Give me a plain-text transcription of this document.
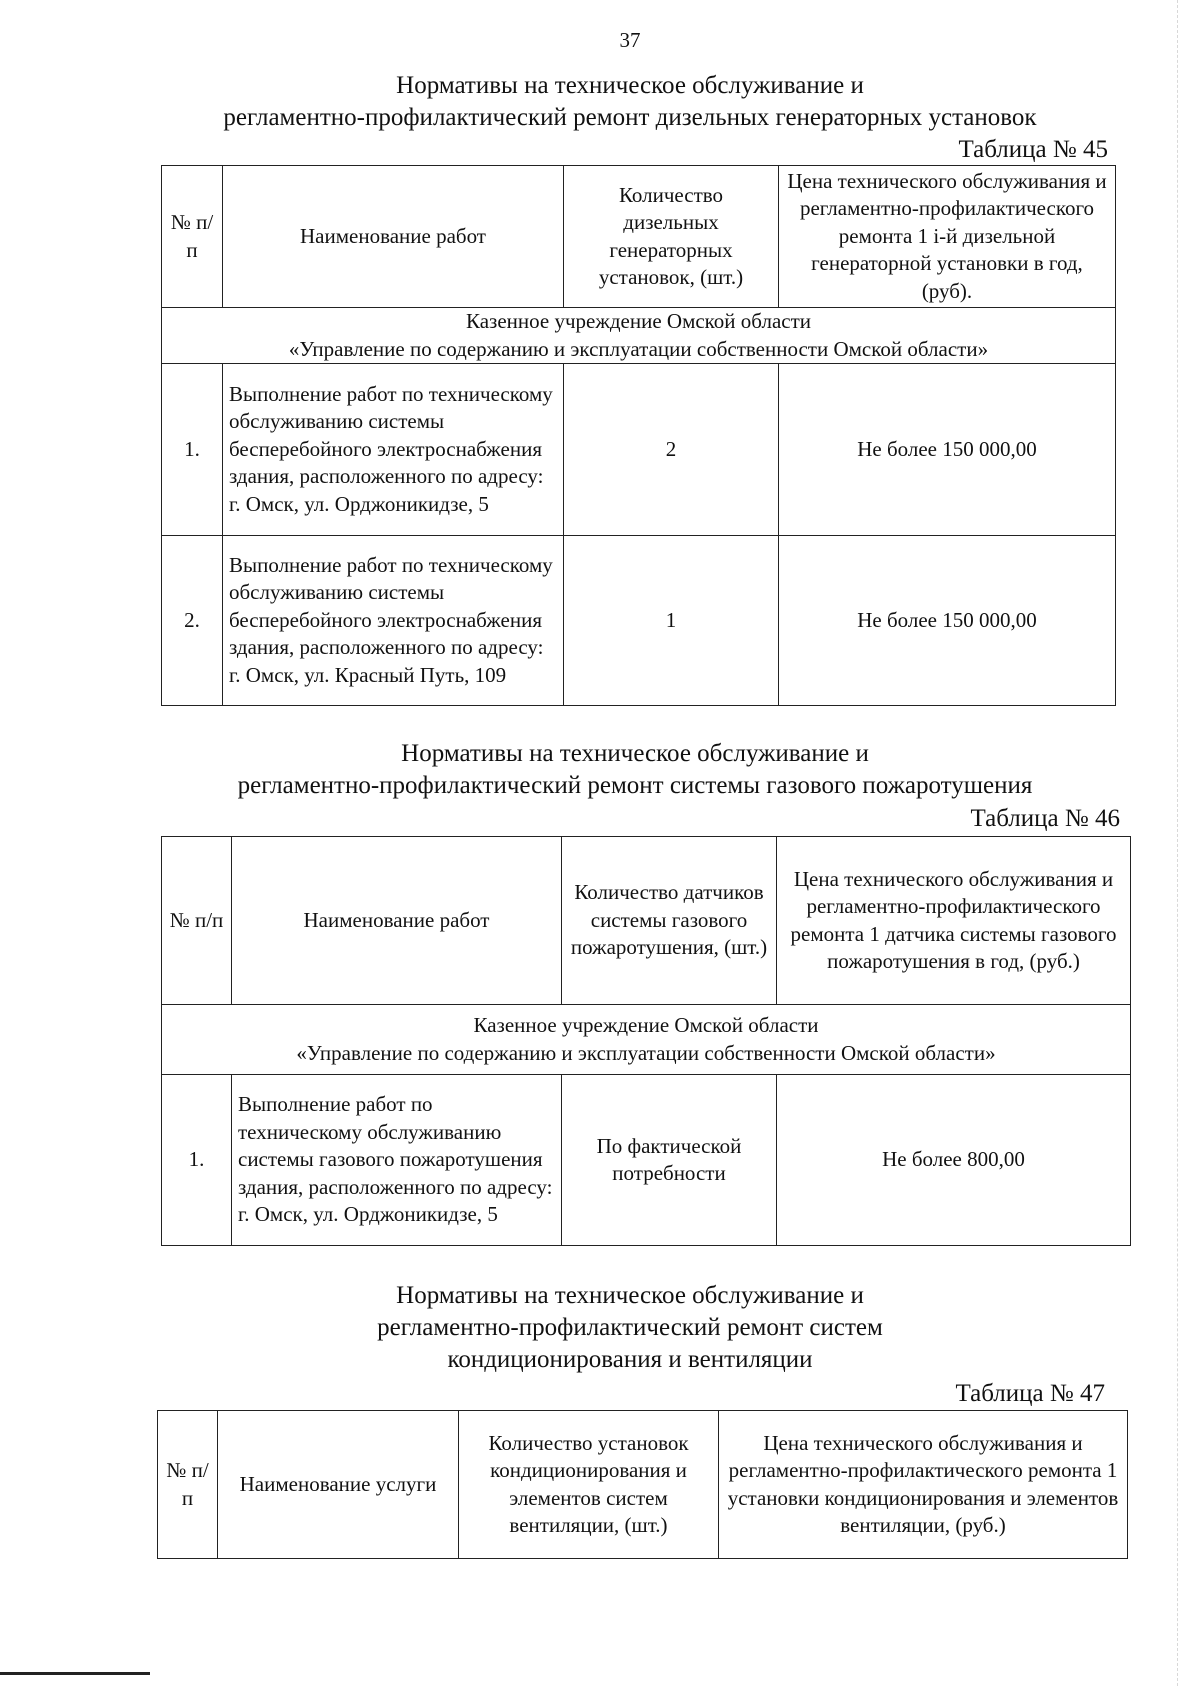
37
Нормативы на техническое обслуживание и
регламентно-профилактический ремонт дизельных генераторных установок
Таблица № 45
№ п/п	Наименование работ	Количество дизельных генераторных установок, (шт.)	Цена технического обслуживания и регламентно-профилактического ремонта 1 i-й дизельной генераторной установки в год, (руб).

Казенное учреждение Омской области
«Управление по содержанию и эксплуатации собственности Омской области»			

1.	Выполнение работ по техническому обслуживанию системы бесперебойного электроснабжения здания, расположенного по адресу: г. Омск, ул. Орджоникидзе, 5	2	Не более 150 000,00
2.	Выполнение работ по техническому обслуживанию системы бесперебойного электроснабжения здания, расположенного по адресу: г. Омск, ул. Красный Путь, 109	1	Не более 150 000,00
Нормативы на техническое обслуживание и
регламентно-профилактический ремонт системы газового пожаротушения
Таблица № 46
№ п/п	Наименование работ	Количество датчиков системы газового пожаротушения, (шт.)	Цена технического обслуживания и регламентно-профилактического ремонта 1 датчика системы газового пожаротушения в год, (руб.)

Казенное учреждение Омской области
«Управление по содержанию и эксплуатации собственности Омской области»			

1.	Выполнение работ по техническому обслуживанию системы газового пожаротушения здания, расположенного по адресу: г. Омск, ул. Орджоникидзе, 5	По фактической потребности	Не более 800,00
Нормативы на техническое обслуживание и
регламентно-профилактический ремонт систем
кондиционирования и вентиляции
Таблица № 47
№ п/п	Наименование услуги	Количество установок кондиционирования и элементов систем вентиляции, (шт.)	Цена технического обслуживания и регламентно-профилактического ремонта 1 установки кондиционирования и элементов вентиляции, (руб.)
